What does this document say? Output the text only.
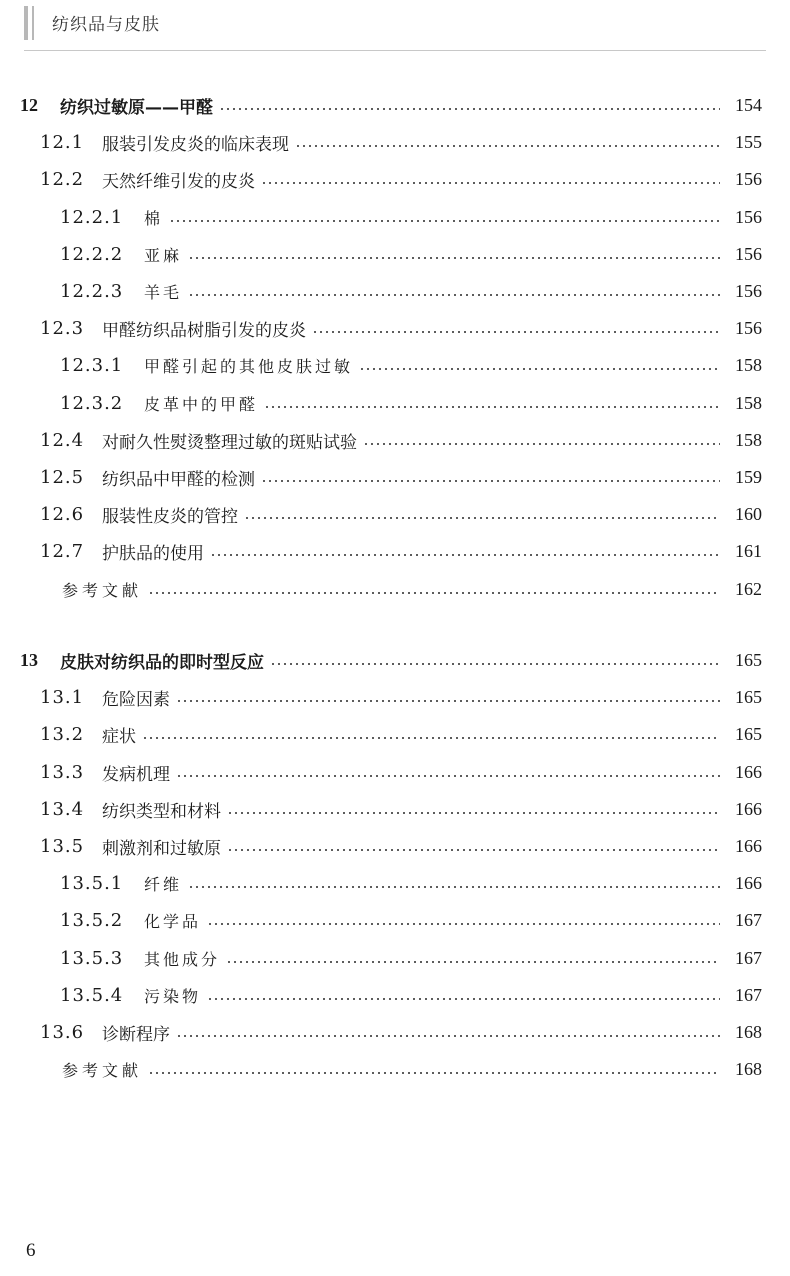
纺织品与皮肤
12	纺织过敏原——甲醛	154
12.1	服装引发皮炎的临床表现	155
12.2	天然纤维引发的皮炎	156
12.2.1	棉	156
12.2.2	亚麻	156
12.2.3	羊毛	156
12.3	甲醛纺织品树脂引发的皮炎	156
12.3.1	甲醛引起的其他皮肤过敏	158
12.3.2	皮革中的甲醛	158
12.4	对耐久性熨烫整理过敏的斑贴试验	158
12.5	纺织品中甲醛的检测	159
12.6	服装性皮炎的管控	160
12.7	护肤品的使用	161
参考文献	162
13	皮肤对纺织品的即时型反应	165
13.1	危险因素	165
13.2	症状	165
13.3	发病机理	166
13.4	纺织类型和材料	166
13.5	刺激剂和过敏原	166
13.5.1	纤维	166
13.5.2	化学品	167
13.5.3	其他成分	167
13.5.4	污染物	167
13.6	诊断程序	168
参考文献	168
6
